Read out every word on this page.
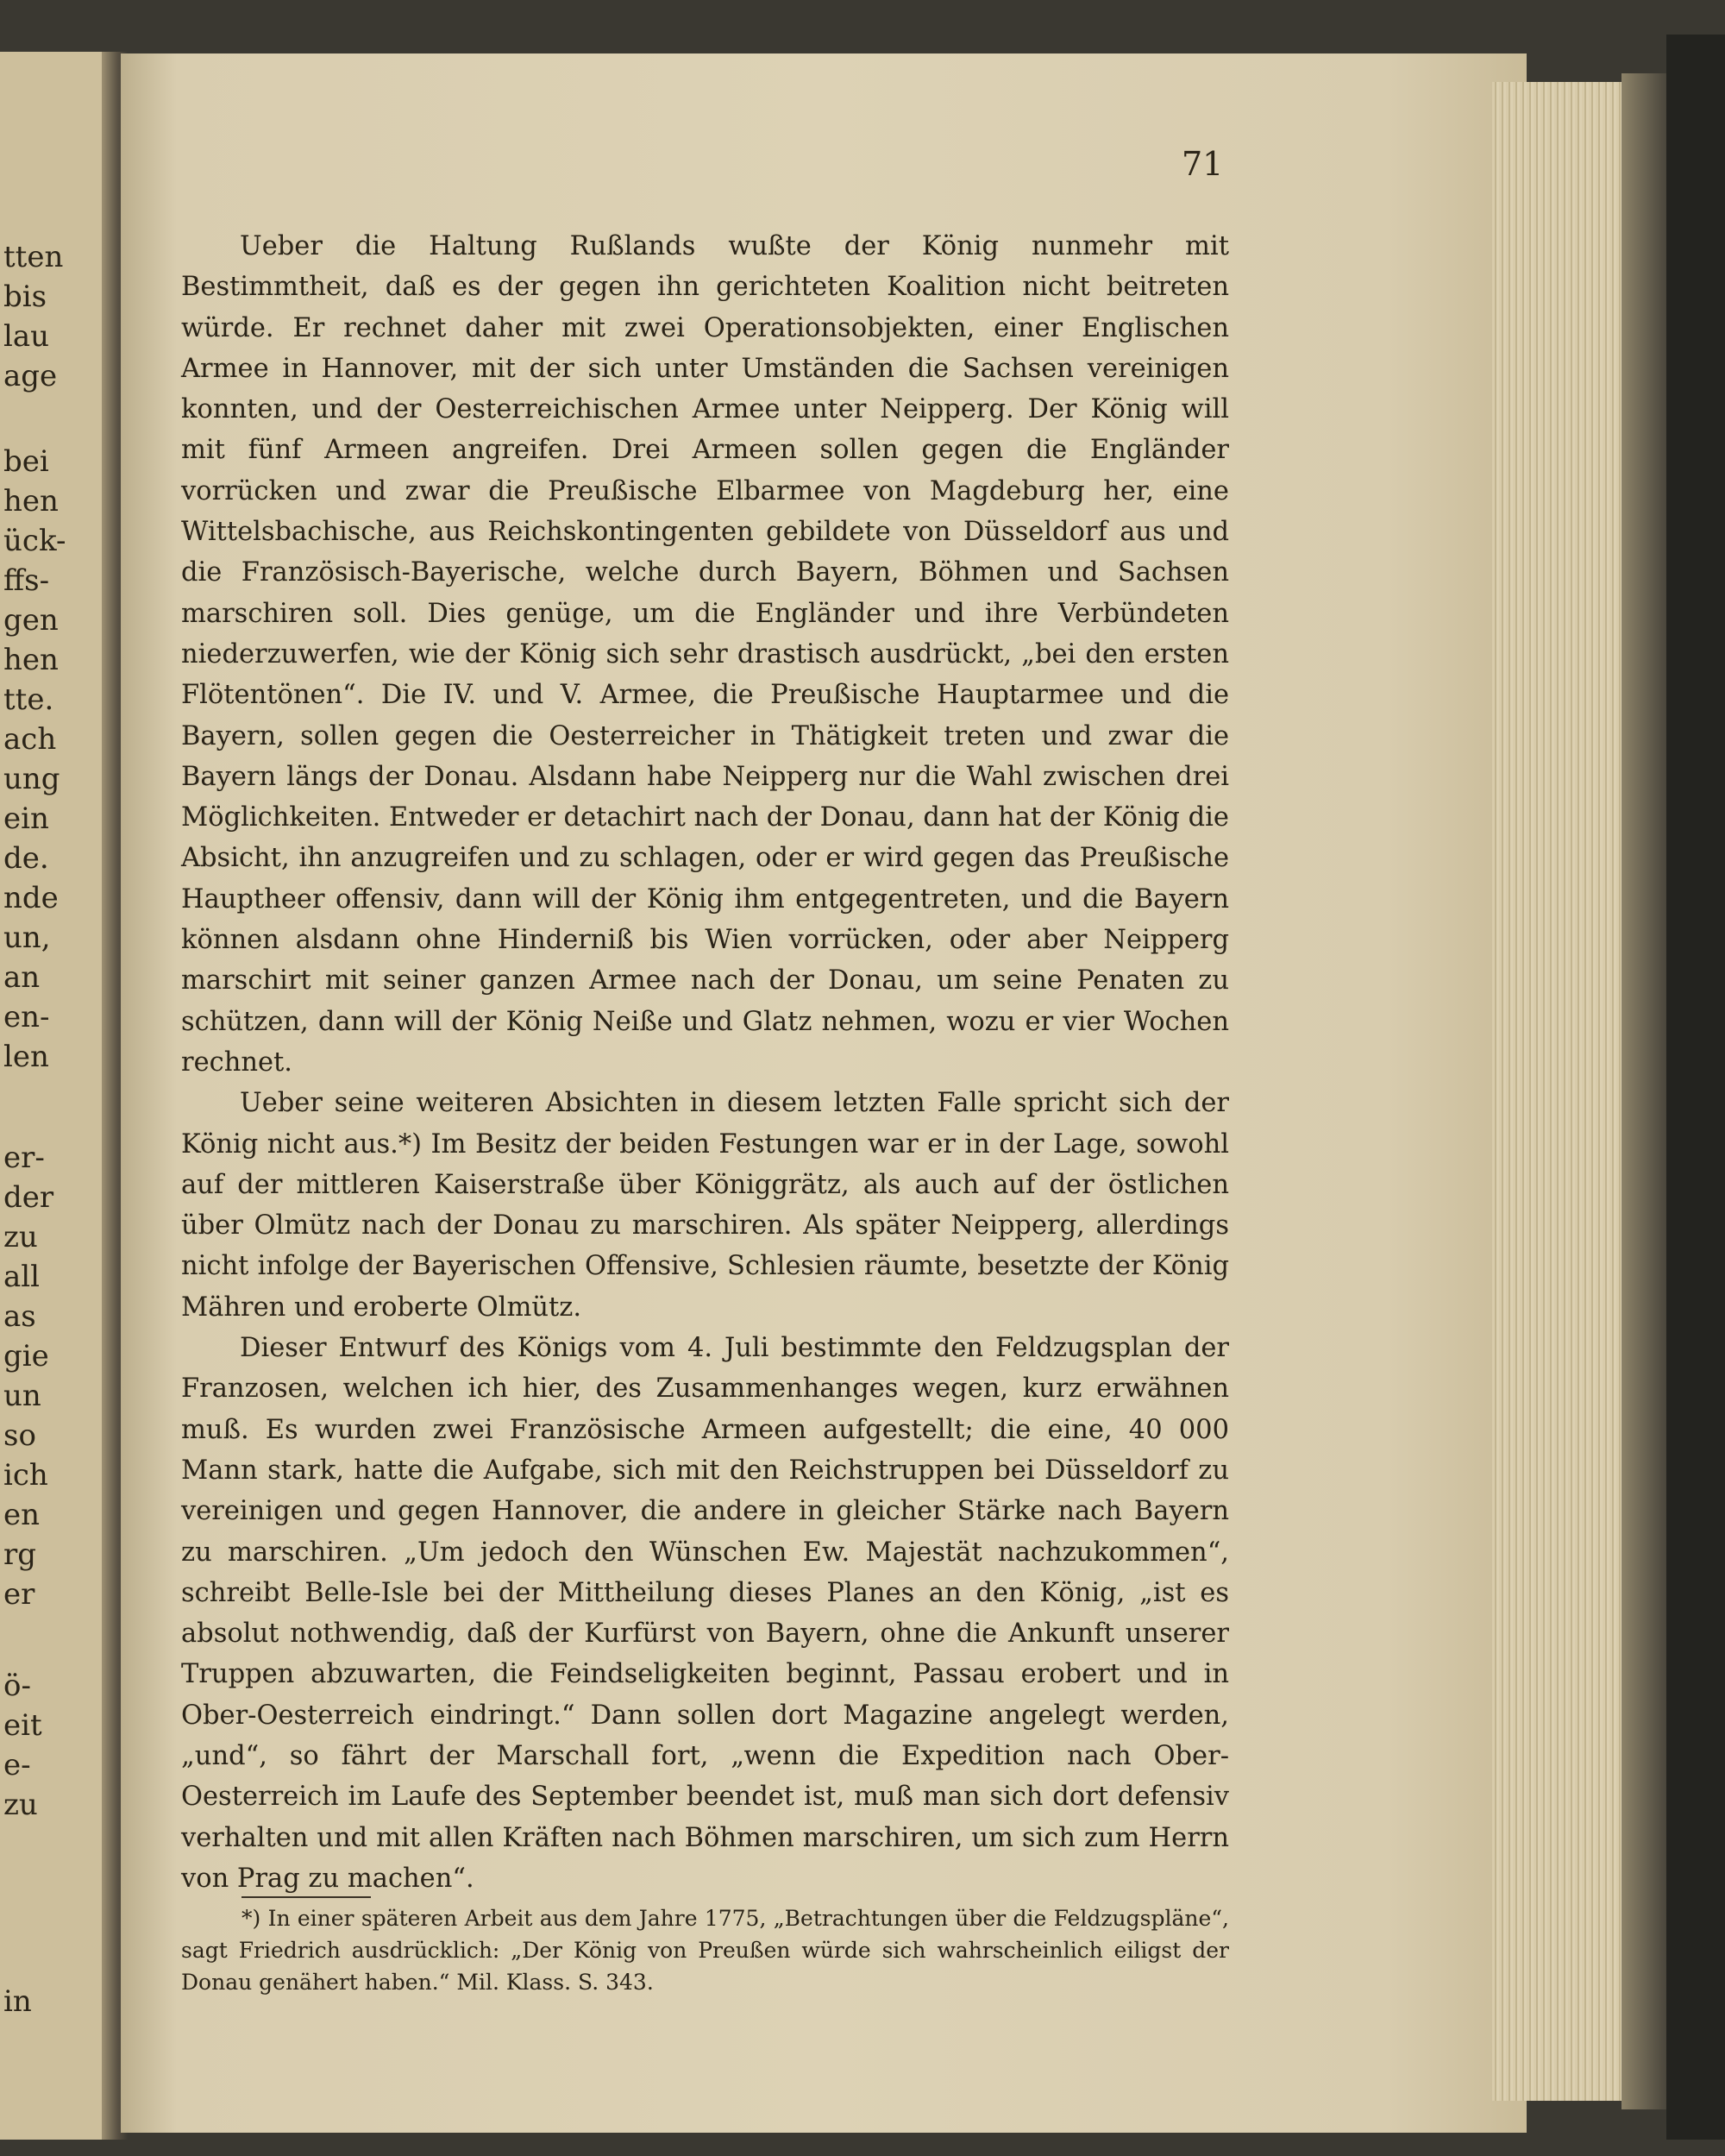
tten
bis
lau
age
bei
hen
ück-
ffs-
gen
hen
tte.
ach
ung
ein
de.
nde
un,
an
en-
len
er-
der
zu
all
as
gie
un
so
ich
en
rg
er
ö-
eit
e-
zu
in
71

Ueber die Haltung Rußlands wußte der König nunmehr mit Bestimmtheit, daß es der gegen ihn gerichteten Koalition nicht beitreten würde. Er rechnet daher mit zwei Operationsobjekten, einer Englischen Armee in Hannover, mit der sich unter Umständen die Sachsen vereinigen konnten, und der Oesterreichischen Armee unter Neipperg. Der König will mit fünf Armeen angreifen. Drei Armeen sollen gegen die Engländer vorrücken und zwar die Preußische Elbarmee von Magdeburg her, eine Wittelsbachische, aus Reichskontingenten gebildete von Düsseldorf aus und die Französisch-Bayerische, welche durch Bayern, Böhmen und Sachsen marschiren soll. Dies genüge, um die Engländer und ihre Verbündeten niederzuwerfen, wie der König sich sehr drastisch ausdrückt, „bei den ersten Flötentönen“. Die IV. und V. Armee, die Preußische Hauptarmee und die Bayern, sollen gegen die Oesterreicher in Thätigkeit treten und zwar die Bayern längs der Donau. Alsdann habe Neipperg nur die Wahl zwischen drei Möglichkeiten. Entweder er detachirt nach der Donau, dann hat der König die Absicht, ihn anzugreifen und zu schlagen, oder er wird gegen das Preußische Hauptheer offensiv, dann will der König ihm entgegentreten, und die Bayern können alsdann ohne Hinderniß bis Wien vorrücken, oder aber Neipperg marschirt mit seiner ganzen Armee nach der Donau, um seine Penaten zu schützen, dann will der König Neiße und Glatz nehmen, wozu er vier Wochen rechnet.

Ueber seine weiteren Absichten in diesem letzten Falle spricht sich der König nicht aus.*) Im Besitz der beiden Festungen war er in der Lage, sowohl auf der mittleren Kaiserstraße über Königgrätz, als auch auf der östlichen über Olmütz nach der Donau zu marschiren. Als später Neipperg, allerdings nicht infolge der Bayerischen Offensive, Schlesien räumte, besetzte der König Mähren und eroberte Olmütz.

Dieser Entwurf des Königs vom 4. Juli bestimmte den Feldzugsplan der Franzosen, welchen ich hier, des Zusammenhanges wegen, kurz erwähnen muß. Es wurden zwei Französische Armeen aufgestellt; die eine, 40 000 Mann stark, hatte die Aufgabe, sich mit den Reichstruppen bei Düsseldorf zu vereinigen und gegen Hannover, die andere in gleicher Stärke nach Bayern zu marschiren. „Um jedoch den Wünschen Ew. Majestät nachzukommen“, schreibt Belle-Isle bei der Mittheilung dieses Planes an den König, „ist es absolut nothwendig, daß der Kurfürst von Bayern, ohne die Ankunft unserer Truppen abzuwarten, die Feindseligkeiten beginnt, Passau erobert und in Ober-Oesterreich eindringt.“ Dann sollen dort Magazine angelegt werden, „und“, so fährt der Marschall fort, „wenn die Expedition nach Ober-Oesterreich im Laufe des September beendet ist, muß man sich dort defensiv verhalten und mit allen Kräften nach Böhmen marschiren, um sich zum Herrn von Prag zu machen“.

*) In einer späteren Arbeit aus dem Jahre 1775, „Betrachtungen über die Feldzugspläne“, sagt Friedrich ausdrücklich: „Der König von Preußen würde sich wahrscheinlich eiligst der Donau genähert haben.“ Mil. Klass. S. 343.
